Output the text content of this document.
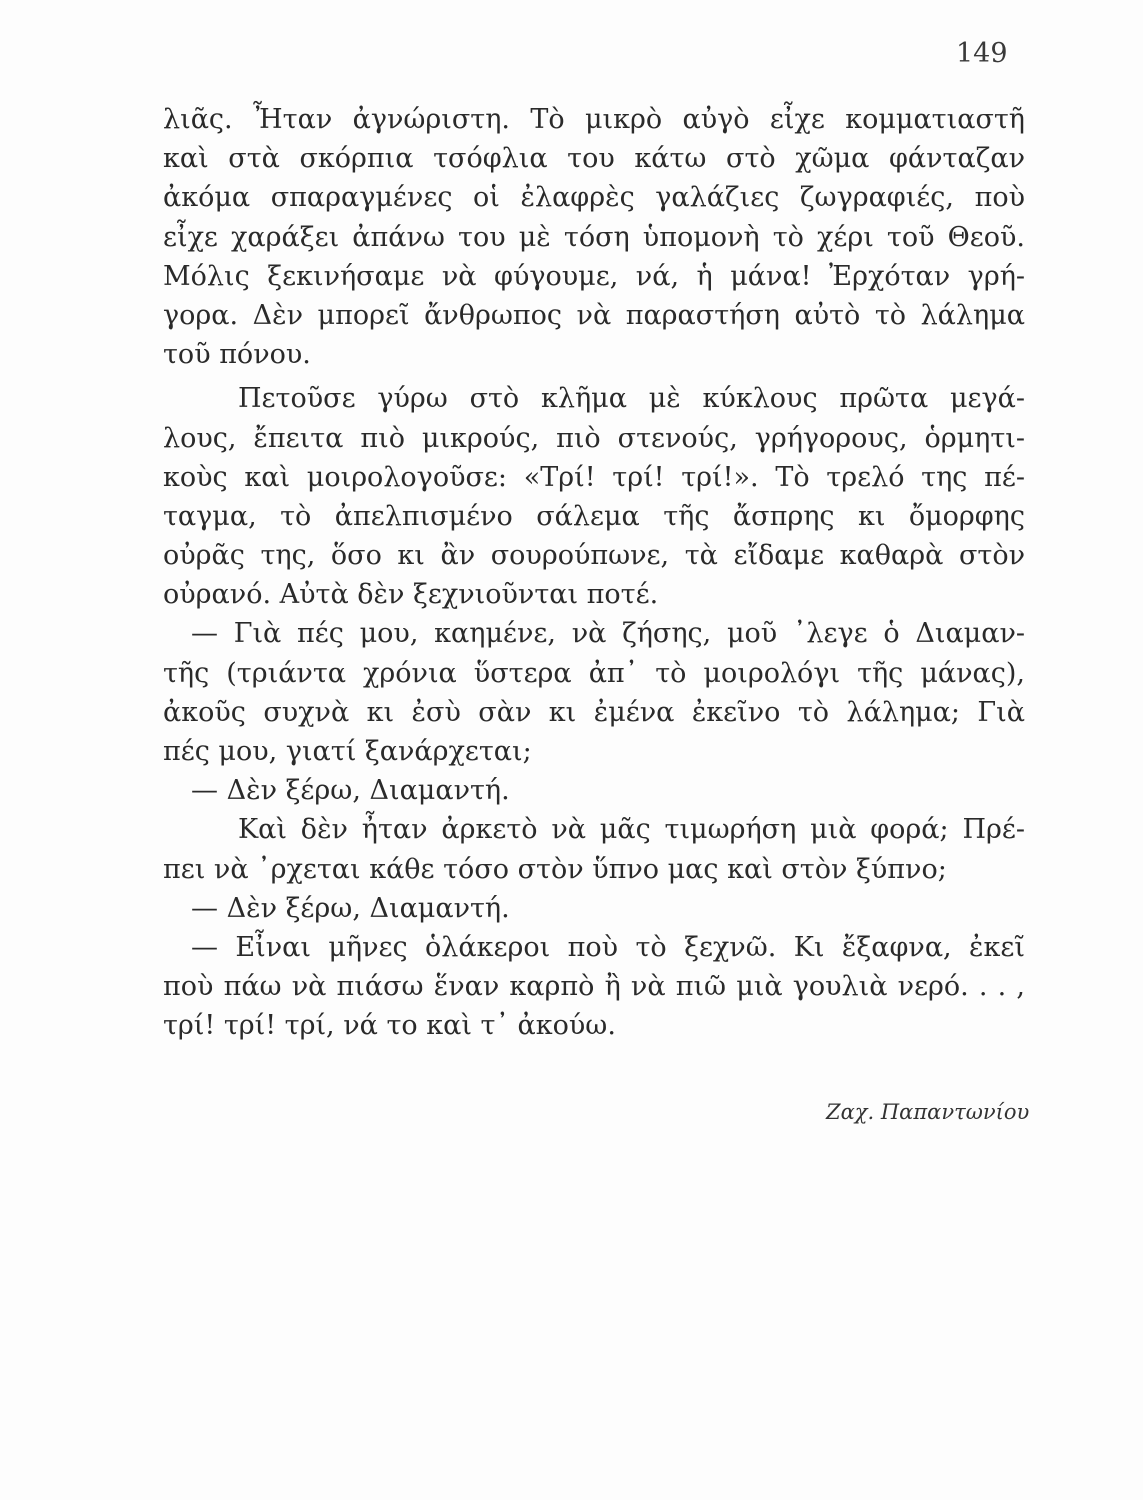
149
λιᾶς. Ἦταν ἀγνώριστη. Τὸ μικρὸ αὐγὸ εἶχε κομματιαστῆ
καὶ στὰ σκόρπια τσόφλια του κάτω στὸ χῶμα φάνταζαν
ἀκόμα σπαραγμένες οἱ ἐλαφρὲς γαλάζιες ζωγραφιές, ποὺ
εἶχε χαράξει ἀπάνω του μὲ τόση ὑπομονὴ τὸ χέρι τοῦ Θεοῦ.
Μόλις ξεκινήσαμε νὰ φύγουμε, νά, ἡ μάνα! Ἐρχόταν γρή-
γορα. Δὲν μπορεῖ ἄνθρωπος νὰ παραστήση αὐτὸ τὸ λάλημα
τοῦ πόνου.
Πετοῦσε γύρω στὸ κλῆμα μὲ κύκλους πρῶτα μεγά-
λους, ἔπειτα πιὸ μικρούς, πιὸ στενούς, γρήγορους, ὁρμητι-
κοὺς καὶ μοιρολογοῦσε: «Τρί! τρί! τρί!». Τὸ τρελό της πέ-
ταγμα, τὸ ἀπελπισμένο σάλεμα τῆς ἄσπρης κι ὄμορφης
οὐρᾶς της, ὅσο κι ἂν σουρούπωνε, τὰ εἴδαμε καθαρὰ στὸν
οὐρανό. Αὐτὰ δὲν ξεχνιοῦνται ποτέ.
— Γιὰ πές μου, καημένε, νὰ ζήσης, μοῦ ᾽λεγε ὁ Διαμαν-
τῆς (τριάντα χρόνια ὕστερα ἀπ᾽ τὸ μοιρολόγι τῆς μάνας),
ἀκοῦς συχνὰ κι ἐσὺ σὰν κι ἐμένα ἐκεῖνο τὸ λάλημα; Γιὰ
πές μου, γιατί ξανάρχεται;
— Δὲν ξέρω, Διαμαντή.
Καὶ δὲν ἦταν ἀρκετὸ νὰ μᾶς τιμωρήση μιὰ φορά; Πρέ-
πει νὰ ᾽ρχεται κάθε τόσο στὸν ὕπνο μας καὶ στὸν ξύπνο;
— Δὲν ξέρω, Διαμαντή.
— Εἶναι μῆνες ὁλάκεροι ποὺ τὸ ξεχνῶ. Κι ἔξαφνα, ἐκεῖ
ποὺ πάω νὰ πιάσω ἕναν καρπὸ ἢ νὰ πιῶ μιὰ γουλιὰ νερό. . . ,
τρί! τρί! τρί, νά το καὶ τ᾽ ἀκούω.
Ζαχ. Παπαντωνίου
